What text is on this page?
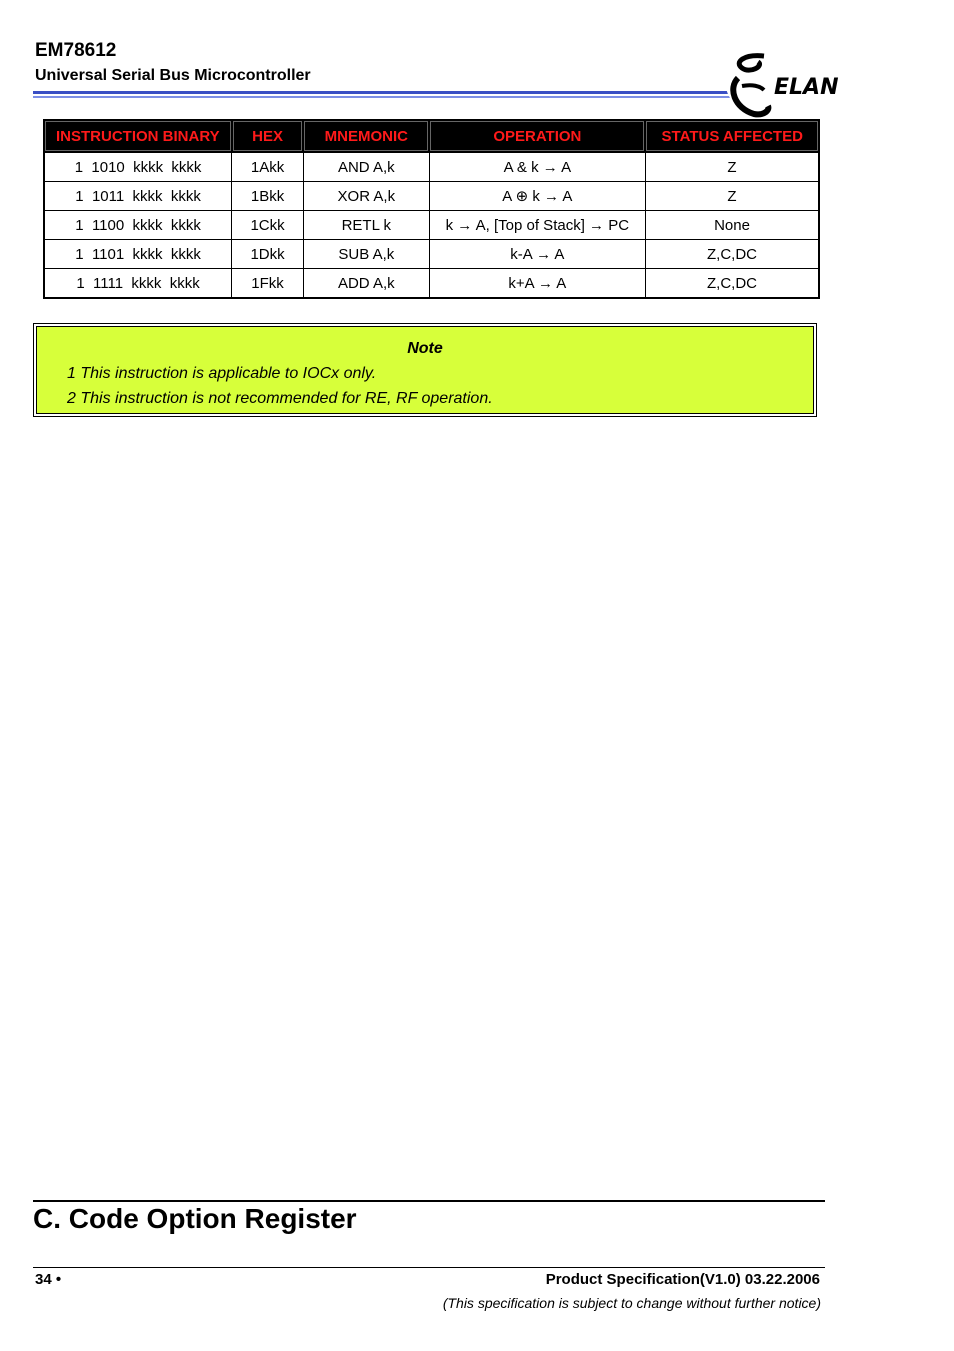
EM78612
Universal Serial Bus Microcontroller	ELAN
INSTRUCTION BINARY	HEX	MNEMONIC	OPERATION	STATUS AFFECTED
1  1010  kkkk  kkkk	1Akk	AND A,k	A & k → A	Z
1  1011  kkkk  kkkk	1Bkk	XOR A,k	A ⊕ k → A	Z
1  1100  kkkk  kkkk	1Ckk	RETL k	k → A, [Top of Stack] → PC	None
1  1101  kkkk  kkkk	1Dkk	SUB A,k	k-A → A	Z,C,DC
1  1111  kkkk  kkkk	1Fkk	ADD A,k	k+A → A	Z,C,DC
Note
1 This instruction is applicable to IOCx only.
2 This instruction is not recommended for RE, RF operation.
C. Code Option Register
34 •	Product Specification(V1.0) 03.22.2006
(This specification is subject to change without further notice)
